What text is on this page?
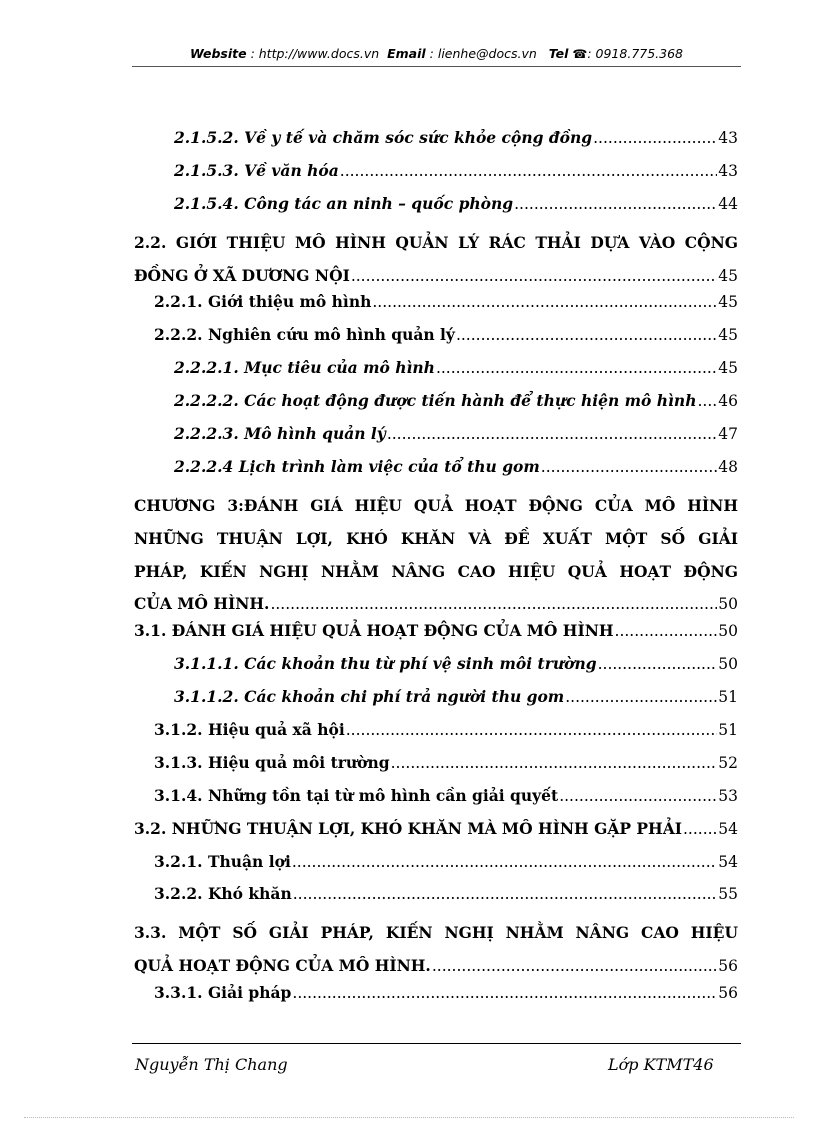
Website : http://www.docs.vn Email : lienhe@docs.vn Tel ☎: 0918.775.368
2.1.5.2. Về y tế và chăm sóc sức khỏe cộng đồng .....	43
2.1.5.3. Về văn hóa .....	43
2.1.5.4. Công tác an ninh – quốc phòng .....	44
2.2. GIỚI THIỆU MÔ HÌNH QUẢN LÝ RÁC THẢI DỰA VÀO CỘNG
ĐỒNG Ở XÃ DƯƠNG NỘI .....	45
2.2.1. Giới thiệu mô hình .....	45
2.2.2. Nghiên cứu mô hình quản lý .....	45
2.2.2.1. Mục tiêu của mô hình .....	45
2.2.2.2. Các hoạt động được tiến hành để thực hiện mô hình ..... 46
2.2.2.3. Mô hình quản lý .....	47
2.2.2.4 Lịch trình làm việc của tổ thu gom .....	48
CHƯƠNG 3:ĐÁNH GIÁ HIỆU QUẢ HOẠT ĐỘNG CỦA MÔ HÌNH
NHỮNG THUẬN LỢI, KHÓ KHĂN VÀ ĐỀ XUẤT MỘT SỐ GIẢI
PHÁP, KIẾN NGHỊ NHẰM NÂNG CAO HIỆU QUẢ HOẠT ĐỘNG
CỦA MÔ HÌNH. .....	50
3.1. ĐÁNH GIÁ HIỆU QUẢ HOẠT ĐỘNG CỦA MÔ HÌNH .....	50
3.1.1.1. Các khoản thu từ phí vệ sinh môi trường .....	50
3.1.1.2. Các khoản chi phí trả người thu gom .....	51
3.1.2. Hiệu quả xã hội .....	51
3.1.3. Hiệu quả môi trường .....	52
3.1.4. Những tồn tại từ mô hình cần giải quyết .....	53
3.2. NHỮNG THUẬN LỢI, KHÓ KHĂN MÀ MÔ HÌNH GẶP PHẢI ..... 54
3.2.1. Thuận lợi .....	54
3.2.2. Khó khăn .....	55
3.3. MỘT SỐ GIẢI PHÁP, KIẾN NGHỊ NHẰM NÂNG CAO HIỆU
QUẢ HOẠT ĐỘNG CỦA MÔ HÌNH. .....	56
3.3.1. Giải pháp .....	56
Nguyễn Thị Chang	Lớp KTMT46
